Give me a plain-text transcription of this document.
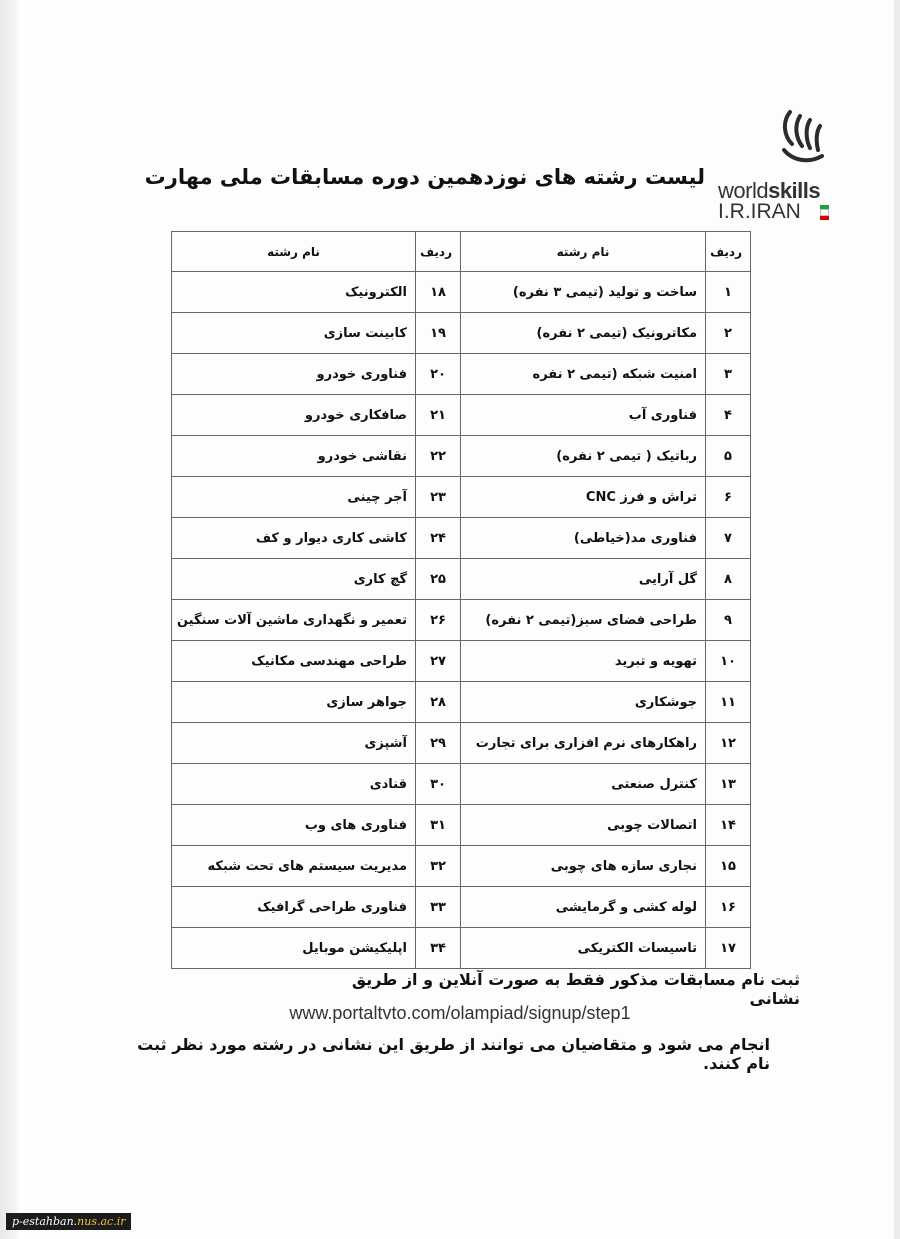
worldskills
I.R.IRAN
لیست رشته های نوزدهمین دوره مسابقات ملی مهارت
ردیف	نام رشته	ردیف	نام رشته
۱	ساخت و تولید (تیمی ۳ نفره)	۱۸	الکترونیک
۲	مکاترونیک (تیمی ۲ نفره)	۱۹	کابینت سازی
۳	امنیت شبکه (تیمی ۲ نفره	۲۰	فناوری خودرو
۴	فناوری آب	۲۱	صافکاری خودرو
۵	رباتیک ( تیمی ۲ نفره)	۲۲	نقاشی خودرو
۶	تراش و فرز CNC	۲۳	آجر چینی
۷	فناوری مد(خیاطی)	۲۴	کاشی کاری دیوار و کف
۸	گل آرایی	۲۵	گچ کاری
۹	طراحی فضای سبز(تیمی ۲ نفره)	۲۶	تعمیر و نگهداری ماشین آلات سنگین
۱۰	تهویه و تبرید	۲۷	طراحی مهندسی مکانیک
۱۱	جوشکاری	۲۸	جواهر سازی
۱۲	راهکارهای نرم افزاری برای تجارت	۲۹	آشپزی
۱۳	کنترل صنعتی	۳۰	قنادی
۱۴	اتصالات چوبی	۳۱	فناوری های وب
۱۵	نجاری سازه های چوبی	۳۲	مدیریت سیستم های تحت شبکه
۱۶	لوله کشی و گرمایشی	۳۳	فناوری طراحی گرافیک
۱۷	تاسیسات الکتریکی	۳۴	اپلیکیشن موبایل
ثبت نام مسابقات مذکور فقط به صورت آنلاین و از طریق نشانی
www.portaltvto.com/olampiad/signup/step1
انجام می شود و متقاضیان می توانند از طریق این نشانی در رشته مورد نظر ثبت نام کنند.
p-estahban.nus.ac.ir
